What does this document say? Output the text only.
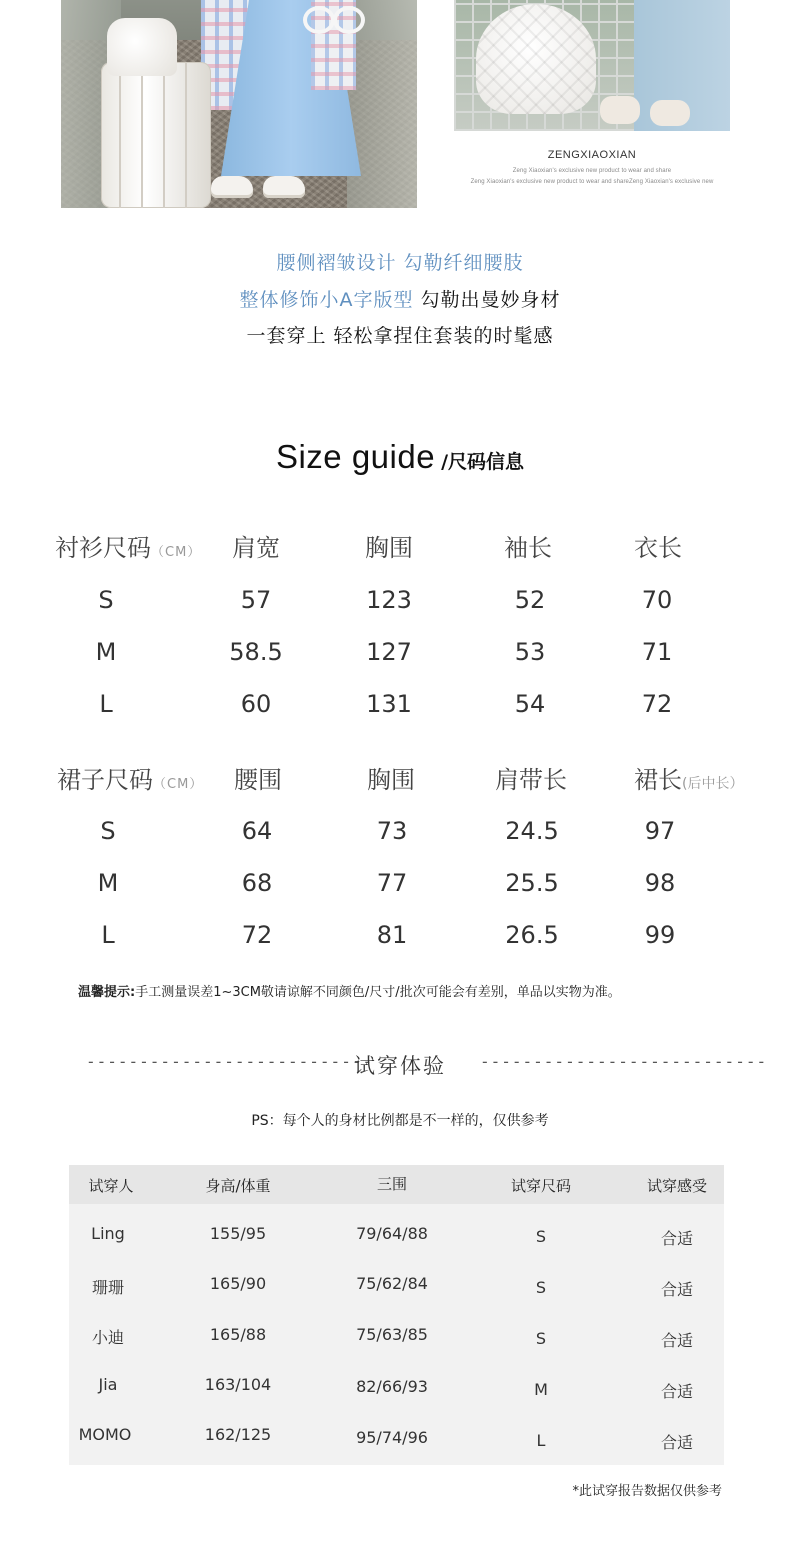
ZENGXIAOXIAN
Zeng Xiaoxian's exclusive new product to wear and share
Zeng Xiaoxian's exclusive new product to wear and shareZeng Xiaoxian's exclusive new
腰侧褶皱设计 勾勒纤细腰肢
整体修饰小A字版型 勾勒出曼妙身材
一套穿上 轻松拿捏住套装的时髦感
Size guide /尺码信息
衬衫尺码（CM）	肩宽	胸围	袖长	衣长
S	57	123	52	70
M	58.5	127	53	71
L	60	131	54	72
裙子尺码（CM）	腰围	胸围	肩带长	裙长(后中长）
S	64	73	24.5	97
M	68	77	25.5	98
L	72	81	26.5	99
温馨提示:手工测量误差1~3CM敬请谅解不同颜色/尺寸/批次可能会有差别，单品以实物为准。
---------------------------
试穿体验	---------------------------
PS：每个人的身材比例都是不一样的，仅供参考
试穿人	身高/体重	三围	试穿尺码	试穿感受
Ling	155/95	79/64/88	S	合适
珊珊	165/90	75/62/84	S	合适
小迪	165/88	75/63/85	S	合适
Jia	163/104	82/66/93	M	合适
MOMO	162/125	95/74/96	L	合适
*此试穿报告数据仅供参考
